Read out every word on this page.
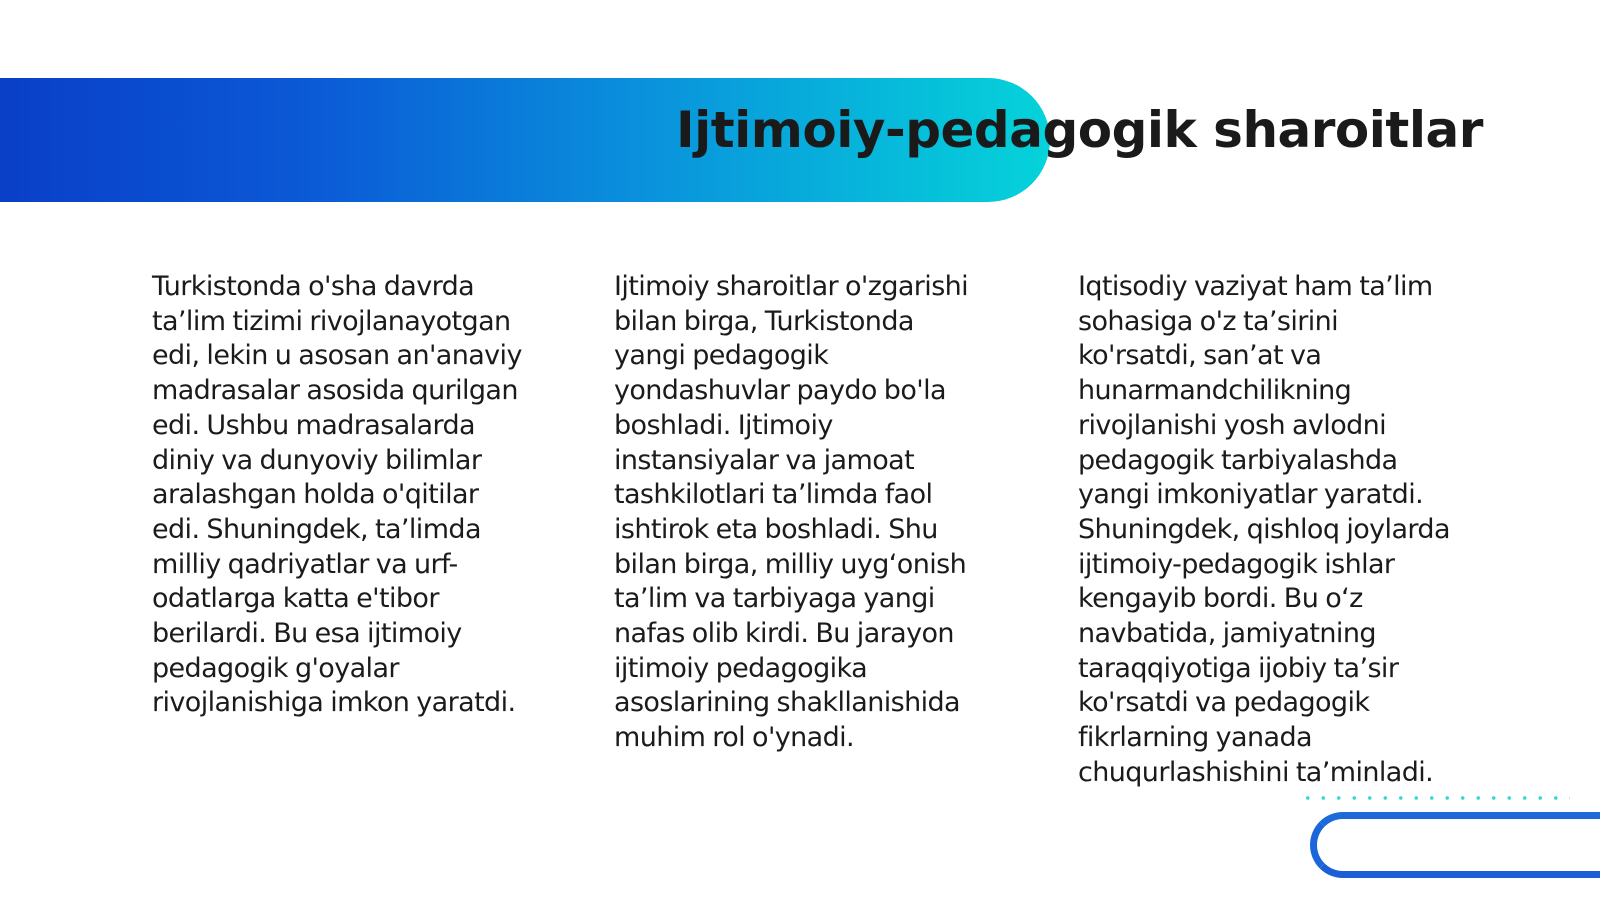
Ijtimoiy-pedagogik sharoitlar

Turkistonda o'sha davrda ta’lim tizimi rivojlanayotgan edi, lekin u asosan an'anaviy madrasalar asosida qurilgan edi. Ushbu madrasalarda diniy va dunyoviy bilimlar aralashgan holda o'qitilar edi. Shuningdek, ta’limda milliy qadriyatlar va urf-odatlarga katta e'tibor berilardi. Bu esa ijtimoiy pedagogik g'oyalar rivojlanishiga imkon yaratdi.

Ijtimoiy sharoitlar o'zgarishi bilan birga, Turkistonda yangi pedagogik yondashuvlar paydo bo'la boshladi. Ijtimoiy instansiyalar va jamoat tashkilotlari ta’limda faol ishtirok eta boshladi. Shu bilan birga, milliy uyg‘onish ta’lim va tarbiyaga yangi nafas olib kirdi. Bu jarayon ijtimoiy pedagogika asoslarining shakllanishida muhim rol o'ynadi.

Iqtisodiy vaziyat ham ta’lim sohasiga o'z ta’sirini ko'rsatdi, san’at va hunarmandchilikning rivojlanishi yosh avlodni pedagogik tarbiyalashda yangi imkoniyatlar yaratdi. Shuningdek, qishloq joylarda ijtimoiy-pedagogik ishlar kengayib bordi. Bu o‘z navbatida, jamiyatning taraqqiyotiga ijobiy ta’sir ko'rsatdi va pedagogik fikrlarning yanada chuqurlashishini ta’minladi.
